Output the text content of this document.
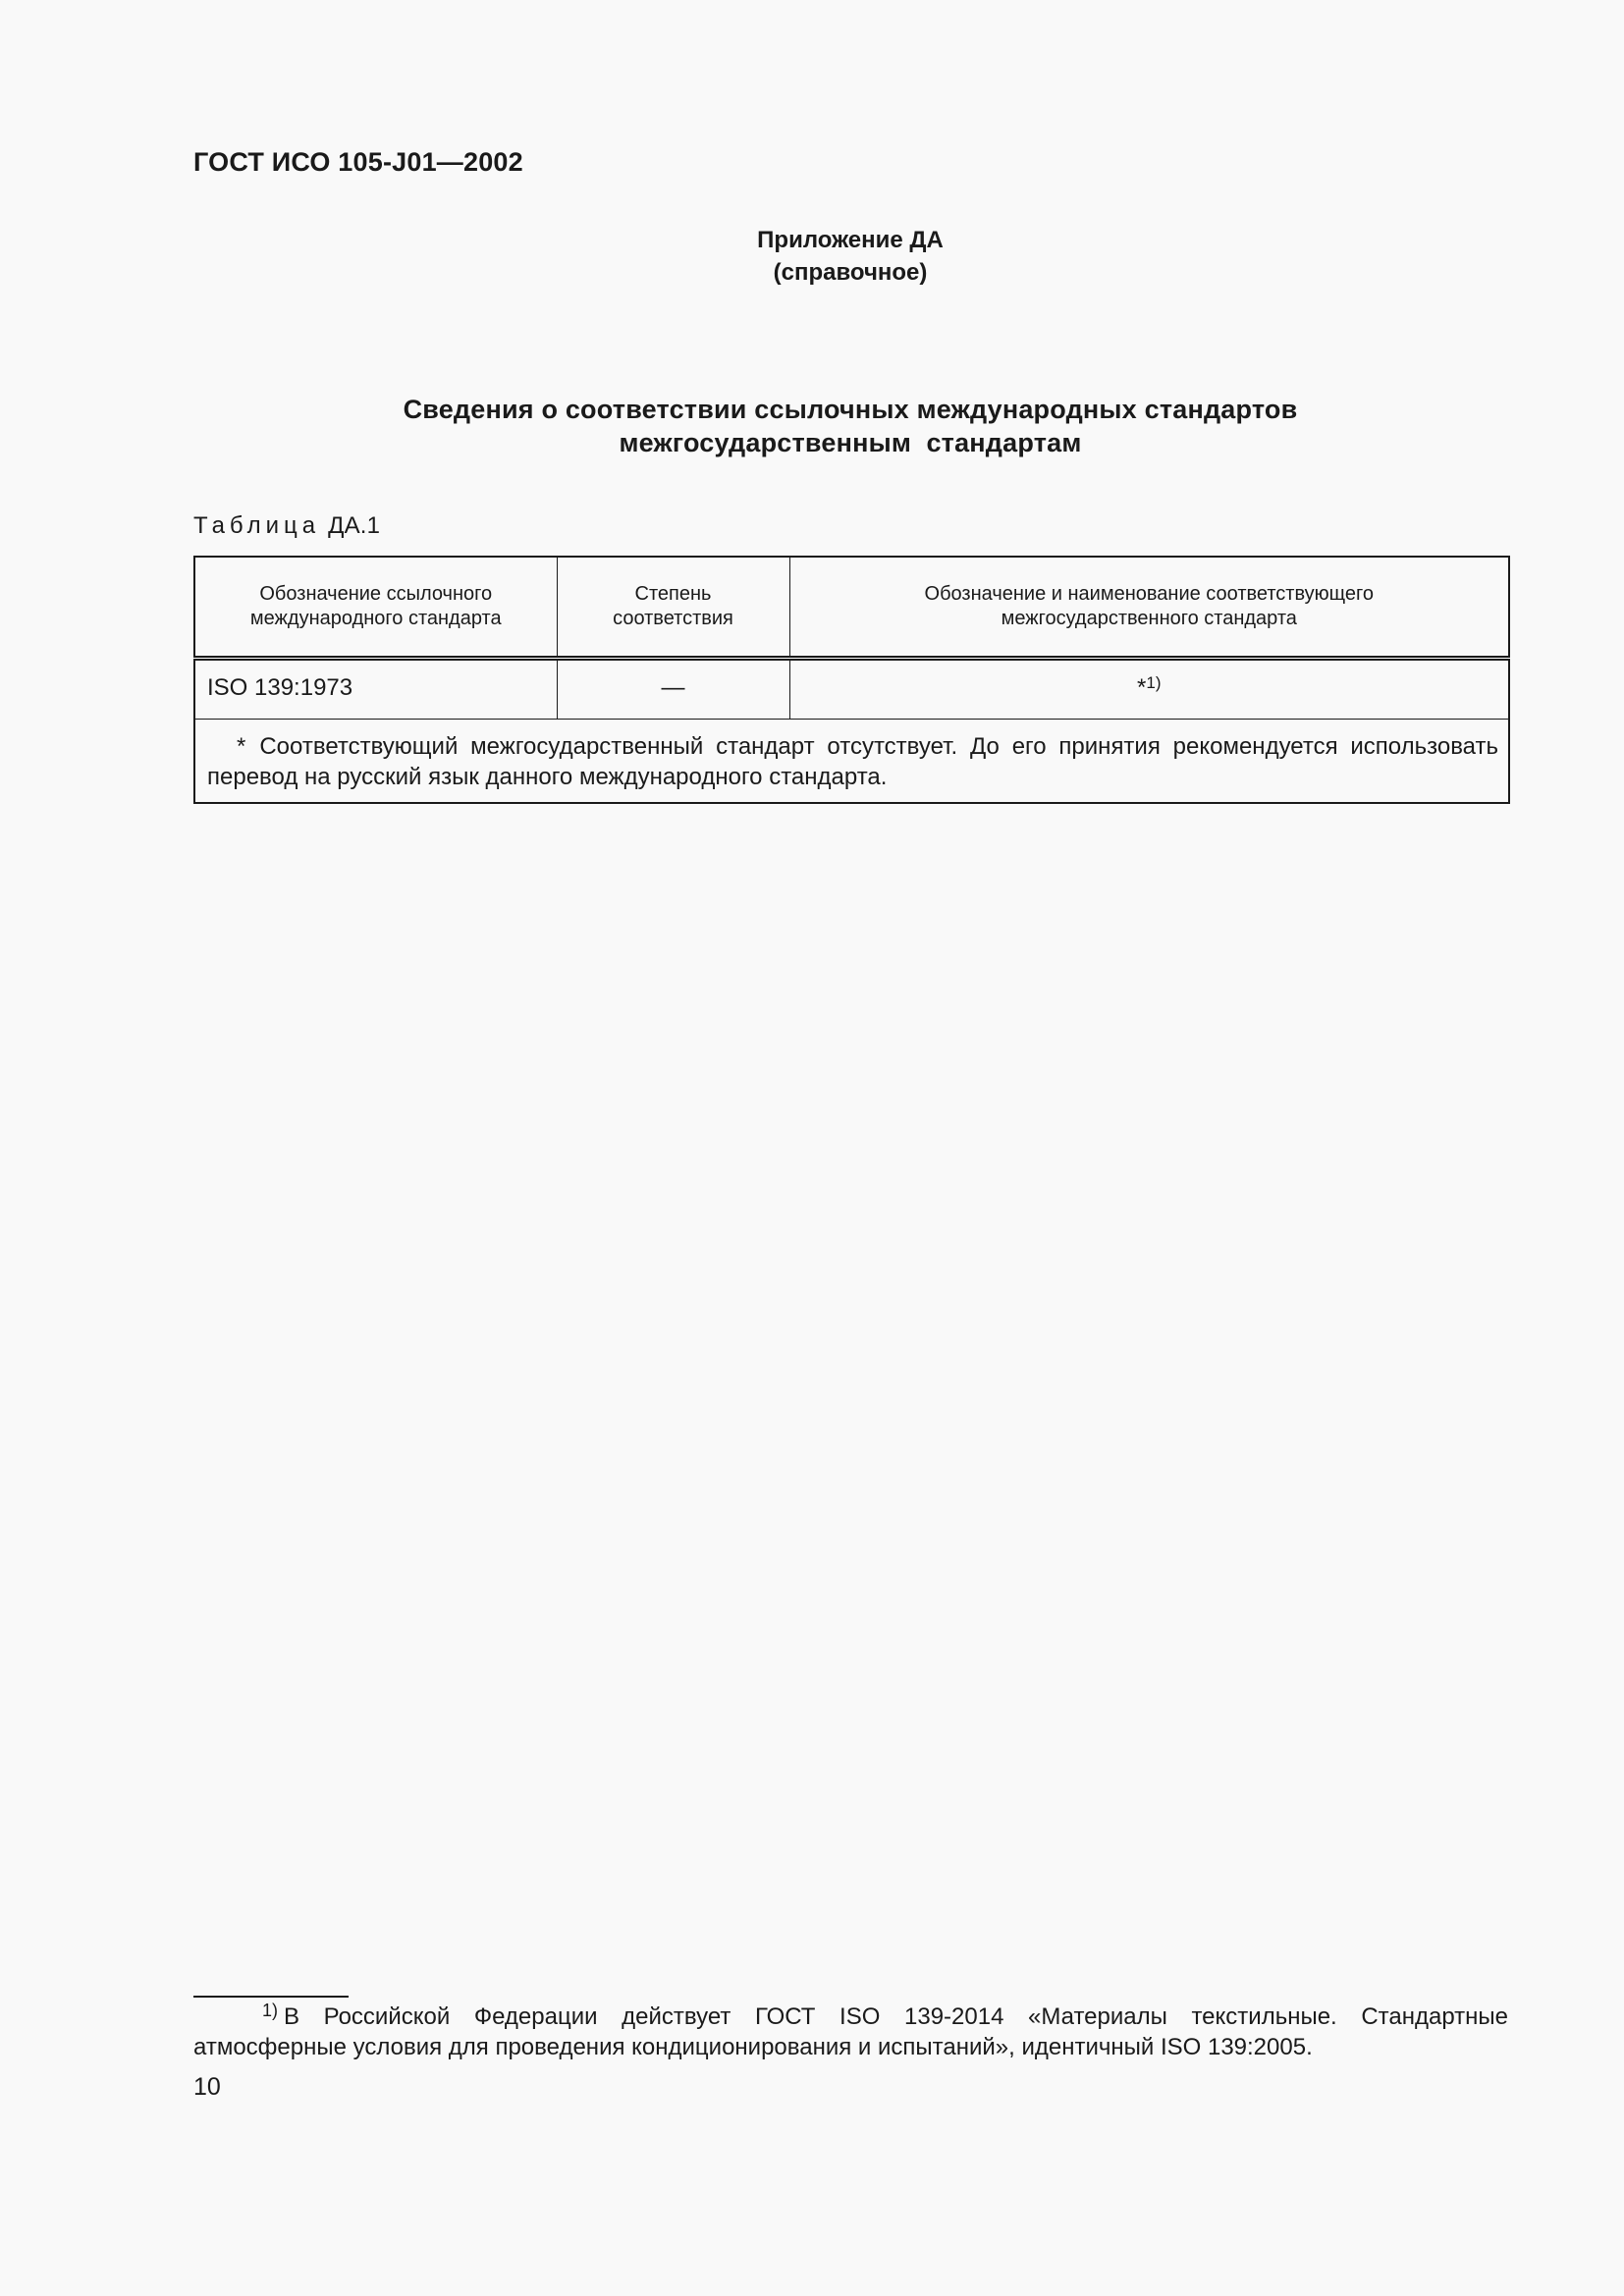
ГОСТ ИСО 105-J01—2002
Приложение ДА
(справочное)
Сведения о соответствии ссылочных международных стандартов
межгосударственным  стандартам
Таблица ДА.1
Обозначение ссылочного международного стандарта	Степень соответствия	Обозначение и наименование соответствующего межгосударственного стандарта
ISO 139:1973	—	*$^{1)}$
* Соответствующий межгосударственный стандарт отсутствует. До его принятия рекомендуется использовать перевод на русский язык данного международного стандарта.		
$^{1)}$ В Российской Федерации действует ГОСТ ISO 139-2014 «Материалы текстильные. Стандартные атмосферные условия для проведения кондиционирования и испытаний», идентичный ISO 139:2005.
10
